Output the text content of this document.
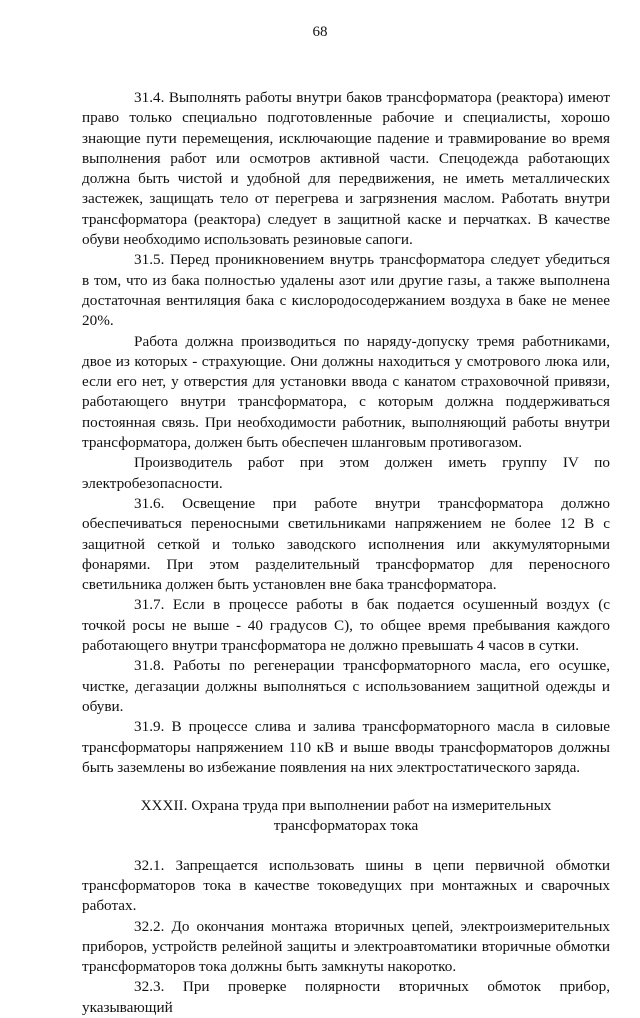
68

31.4. Выполнять работы внутри баков трансформатора (реактора) имеют право только специально подготовленные рабочие и специалисты, хорошо знающие пути перемещения, исключающие падение и травмирование во время выполнения работ или осмотров активной части. Спецодежда работающих должна быть чистой и удобной для передвижения, не иметь металлических застежек, защищать тело от перегрева и загрязнения маслом. Работать внутри трансформатора (реактора) следует в защитной каске и перчатках. В качестве обуви необходимо использовать резиновые сапоги.

31.5. Перед проникновением внутрь трансформатора следует убедиться в том, что из бака полностью удалены азот или другие газы, а также выполнена достаточная вентиляция бака с кислородосодержанием воздуха в баке не менее 20%.

Работа должна производиться по наряду-допуску тремя работниками, двое из которых - страхующие. Они должны находиться у смотрового люка или, если его нет, у отверстия для установки ввода с канатом страховочной привязи, работающего внутри трансформатора, с которым должна поддерживаться постоянная связь. При необходимости работник, выполняющий работы внутри трансформатора, должен быть обеспечен шланговым противогазом.

Производитель работ при этом должен иметь группу IV по электробезопасности.

31.6. Освещение при работе внутри трансформатора должно обеспечиваться переносными светильниками напряжением не более 12 В с защитной сеткой и только заводского исполнения или аккумуляторными фонарями. При этом разделительный трансформатор для переносного светильника должен быть установлен вне бака трансформатора.

31.7. Если в процессе работы в бак подается осушенный воздух (с точкой росы не выше - 40 градусов С), то общее время пребывания каждого работающего внутри трансформатора не должно превышать 4 часов в сутки.

31.8. Работы по регенерации трансформаторного масла, его осушке, чистке, дегазации должны выполняться с использованием защитной одежды и обуви.

31.9. В процессе слива и залива трансформаторного масла в силовые трансформаторы напряжением 110 кВ и выше вводы трансформаторов должны быть заземлены во избежание появления на них электростатического заряда.

XXXII. Охрана труда при выполнении работ на измерительных
трансформаторах тока

32.1. Запрещается использовать шины в цепи первичной обмотки трансформаторов тока в качестве токоведущих при монтажных и сварочных работах.

32.2. До окончания монтажа вторичных цепей, электроизмерительных приборов, устройств релейной защиты и электроавтоматики вторичные обмотки трансформаторов тока должны быть замкнуты накоротко.

32.3. При проверке полярности вторичных обмоток прибор, указывающий
